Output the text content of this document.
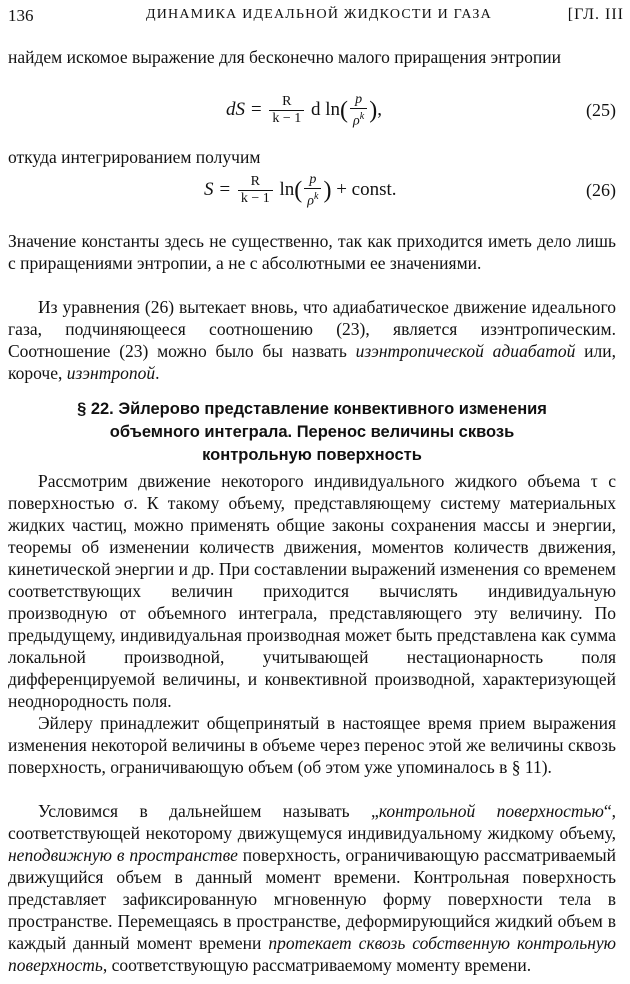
136	ДИНАМИКА ИДЕАЛЬНОЙ ЖИДКОСТИ И ГАЗА	[ГЛ. III
найдем искомое выражение для бесконечно малого приращения энтропии
dS = $\frac{R}{k - 1}$ d $\ln( \frac{p}{\rho^k}$ ),	(25)
откуда интегрированием получим
$S = \frac{R}{k - 1} \ln( \frac{p}{\rho^k}$ ) + const.	(26)
Значение константы здесь не существенно, так как приходится иметь дело лишь с приращениями энтропии, а не с абсолютными ее значениями.
Из уравнения (26) вытекает вновь, что адиабатическое движение идеального газа, подчиняющееся соотношению (23), является изэнтропическим. Соотношение (23) можно было бы назвать изэнтропической адиабатой или, короче, изэнтропой.
§ 22. Эйлерово представление конвективного изменения
объемного интеграла. Перенос величины сквозь
контрольную поверхность
Рассмотрим движение некоторого индивидуального жидкого объема τ с поверхностью σ. К такому объему, представляющему систему материальных жидких частиц, можно применять общие законы сохранения массы и энергии, теоремы об изменении количеств движения, моментов количеств движения, кинетической энергии и др. При составлении выражений изменения со временем соответствующих величин приходится вычислять индивидуальную производную от объемного интеграла, представляющего эту величину. По предыдущему, индивидуальная производная может быть представлена как сумма локальной производной, учитывающей нестационарность поля дифференцируемой величины, и конвективной производной, характеризующей неоднородность поля.
Эйлеру принадлежит общепринятый в настоящее время прием выражения изменения некоторой величины в объеме через перенос этой же величины сквозь поверхность, ограничивающую объем (об этом уже упоминалось в § 11).
Условимся в дальнейшем называть „контрольной поверхностью“, соответствующей некоторому движущемуся индивидуальному жидкому объему, неподвижную в пространстве поверхность, ограничивающую рассматриваемый движущийся объем в данный момент времени. Контрольная поверхность представляет зафиксированную мгновенную форму поверхности тела в пространстве. Перемещаясь в пространстве, деформирующийся жидкий объем в каждый данный момент времени протекает сквозь собственную контрольную поверхность, соответствующую рассматриваемому моменту времени.
